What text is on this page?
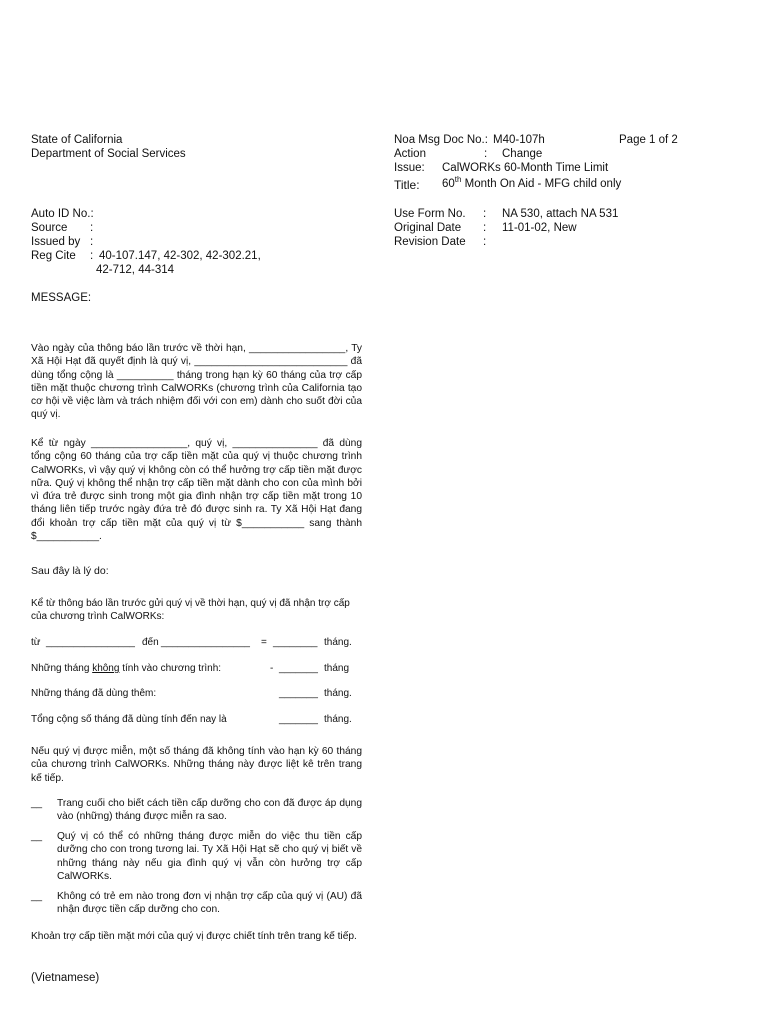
State of California
Department of Social Services
Noa Msg Doc No.: M40-107h	Page 1 of 2
Action	: Change
Issue: CalWORKs 60-Month Time Limit
Title: 60th Month On Aid - MFG child only
Auto ID No.:
Source :
Issued by :
Reg Cite : 40-107.147, 42-302, 42-302.21,
42-712, 44-314
Use Form No. : NA 530, attach NA 531
Original Date : 11-01-02, New
Revision Date :
MESSAGE:
Vào ngày của thông báo lần trước về thời hạn, _________________, Ty Xã Hội Hạt đã quyết định là quý vị, ___________________________ đã dùng tổng cộng là __________ tháng trong hạn kỳ 60 tháng của trợ cấp tiền mặt thuộc chương trình CalWORKs (chương trình của California tạo cơ hội về việc làm và trách nhiệm đối với con em) dành cho suốt đời của quý vị.
Kể từ ngày _________________, quý vị, _______________ đã dùng tổng cộng 60 tháng của trợ cấp tiền mặt của quý vị thuộc chương trình CalWORKs, vì vậy quý vị không còn có thể hưởng trợ cấp tiền mặt được nữa. Quý vị không thể nhận trợ cấp tiền mặt dành cho con của mình bởi vì đứa trẻ được sinh trong một gia đình nhận trợ cấp tiền mặt trong 10 tháng liên tiếp trước ngày đứa trẻ đó được sinh ra. Ty Xã Hội Hạt đang đổi khoản trợ cấp tiền mặt của quý vị từ $___________ sang thành $___________.
Sau đây là lý do:
Kể từ thông báo lần trước gửi quý vị về thời hạn, quý vị đã nhận trợ cấp của chương trình CalWORKs:
từ ________________ đến ________________ = ________ tháng.
Những tháng không tính vào chương trình:	- _______ tháng
Những tháng đã dùng thêm:	_______ tháng.
Tổng cộng số tháng đã dùng tính đến nay là	_______ tháng.
Nếu quý vị được miễn, một số tháng đã không tính vào hạn kỳ 60 tháng của chương trình CalWORKs. Những tháng này được liệt kê trên trang kế tiếp.
__ Trang cuối cho biết cách tiền cấp dưỡng cho con đã được áp dụng vào (những) tháng được miễn ra sao.
__ Quý vị có thể có những tháng được miễn do việc thu tiền cấp dưỡng cho con trong tương lai. Ty Xã Hội Hạt sẽ cho quý vị biết về những tháng này nếu gia đình quý vị vẫn còn hưởng trợ cấp CalWORKs.
__ Không có trẻ em nào trong đơn vị nhận trợ cấp của quý vị (AU) đã nhận được tiền cấp dưỡng cho con.
Khoản trợ cấp tiền mặt mới của quý vị được chiết tính trên trang kế tiếp.
(Vietnamese)
